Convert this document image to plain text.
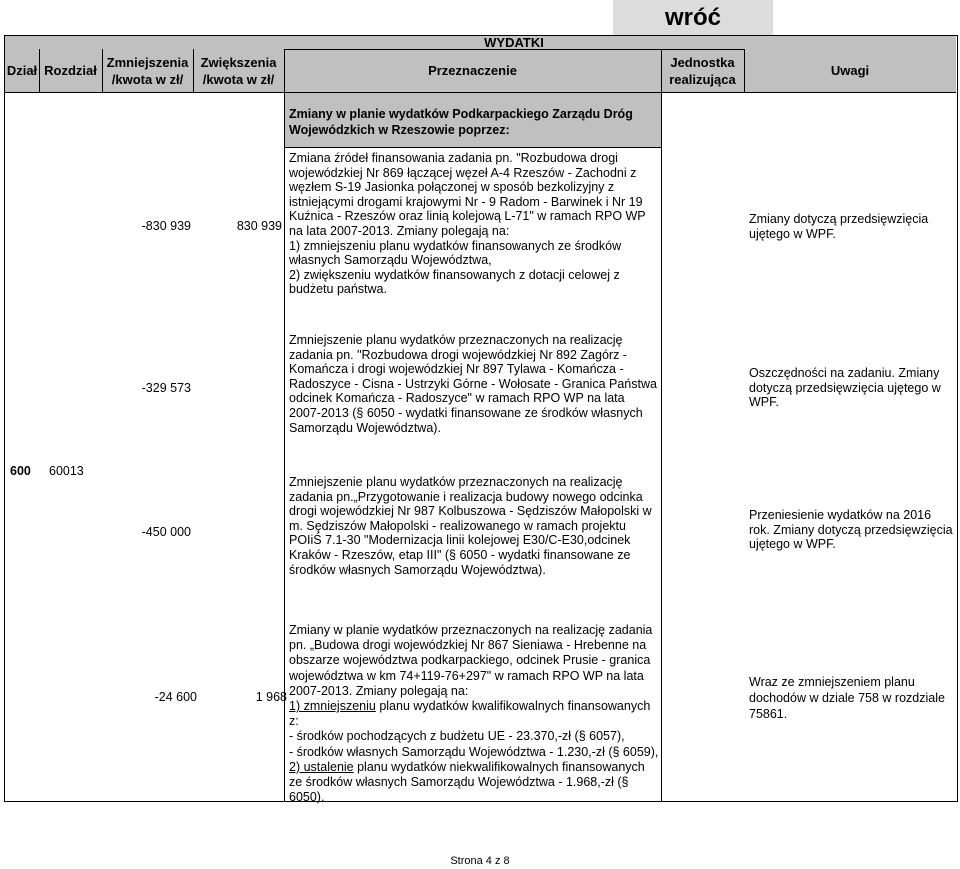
wróć
WYDATKI
Dział Rozdział
Zmniejszenia /kwota w zł/
Zwiększenia /kwota w zł/
Przeznaczenie
Jednostka realizująca
Uwagi
Zmiany w planie wydatków Podkarpackiego Zarządu Dróg Wojewódzkich w Rzeszowie poprzez:
600 60013
-830 939	830 939
Zmiana źródeł finansowania zadania pn. "Rozbudowa drogi wojewódzkiej Nr 869 łączącej węzeł A-4 Rzeszów - Zachodni z węzłem S-19 Jasionka połączonej w sposób bezkolizyjny z istniejącymi drogami krajowymi Nr - 9 Radom - Barwinek i Nr 19 Kuźnica - Rzeszów oraz linią kolejową L-71" w ramach RPO WP na lata 2007-2013. Zmiany polegają na:
1) zmniejszeniu planu wydatków finansowanych ze środków własnych Samorządu Województwa,
2) zwiększeniu wydatków finansowanych z dotacji celowej z budżetu państwa.
Zmiany dotyczą przedsięwzięcia ujętego w WPF.
-329 573
Zmniejszenie planu wydatków przeznaczonych na realizację zadania pn. "Rozbudowa drogi wojewódzkiej Nr 892 Zagórz - Komańcza i drogi wojewódzkiej Nr 897 Tylawa - Komańcza - Radoszyce - Cisna - Ustrzyki Górne - Wołosate - Granica Państwa odcinek Komańcza - Radoszyce" w ramach RPO WP na lata 2007-2013 (§ 6050 - wydatki finansowane ze środków własnych Samorządu Województwa).
Oszczędności na zadaniu. Zmiany dotyczą przedsięwzięcia ujętego w WPF.
-450 000
Zmniejszenie planu wydatków przeznaczonych na realizację zadania pn.„Przygotowanie i realizacja budowy nowego odcinka drogi wojewódzkiej Nr 987 Kolbuszowa - Sędziszów Małopolski w m. Sędziszów Małopolski - realizowanego w ramach projektu POIiŚ 7.1-30 "Modernizacja linii kolejowej E30/C-E30,odcinek Kraków - Rzeszów, etap III" (§ 6050 - wydatki finansowane ze środków własnych Samorządu Województwa).
Przeniesienie wydatków na 2016 rok. Zmiany dotyczą przedsięwzięcia ujętego w WPF.
-24 600	1 968
Zmiany w planie wydatków przeznaczonych na realizację zadania pn. „Budowa drogi wojewódzkiej Nr 867 Sieniawa - Hrebenne na obszarze województwa podkarpackiego, odcinek Prusie - granica województwa w km 74+119-76+297" w ramach RPO WP na lata 2007-2013. Zmiany polegają na:
1) zmniejszeniu planu wydatków kwalifikowalnych finansowanych z:
- środków pochodzących z budżetu UE - 23.370,-zł (§ 6057),
- środków własnych Samorządu Województwa - 1.230,-zł (§ 6059),
2) ustalenie planu wydatków niekwalifikowalnych finansowanych ze środków własnych Samorządu Województwa - 1.968,-zł (§ 6050).
Wraz ze zmniejszeniem planu dochodów w dziale 758 w rozdziale 75861.
Strona 4 z 8
